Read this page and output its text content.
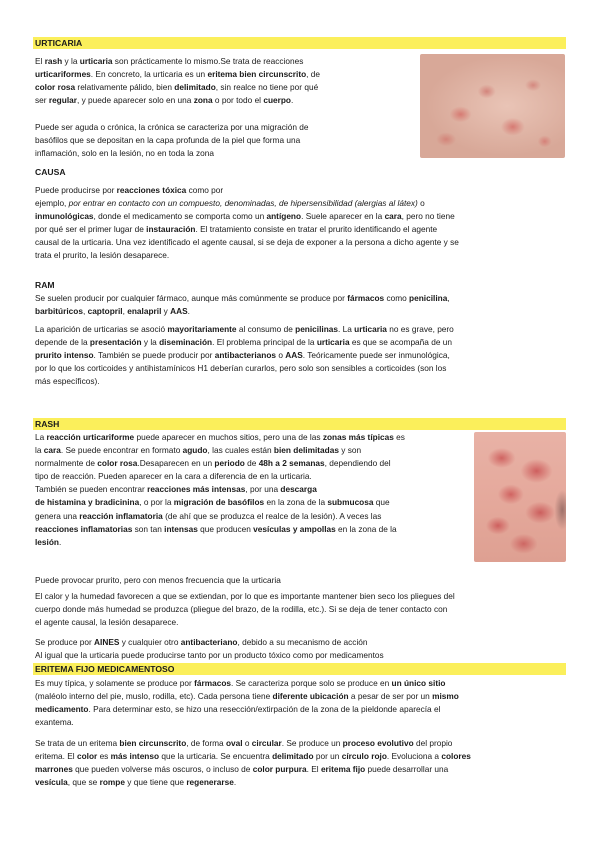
URTICARIA
CAUSA
RAM
RASH
ERITEMA FIJO MEDICAMENTOSO

El rash y la urticaria son prácticamente lo mismo.Se trata de reacciones

urticariformes. En concreto, la urticaria es un eritema bien circunscrito, de

color rosa relativamente pálido, bien delimitado, sin realce no tiene por qué

ser regular, y puede aparecer solo en una zona o por todo el cuerpo.

Puede ser aguda o crónica, la crónica se caracteriza por una migración de

basófilos que se depositan en la capa profunda de la piel que forma una

inflamación, solo en la lesión, no en toda la zona

Puede producirse por reacciones tóxica como por

ejemplo, por entrar en contacto con un compuesto, denominadas, de hipersensibilidad (alergias al látex) o

inmunológicas, donde el medicamento se comporta como un antígeno. Suele aparecer en la cara, pero no tiene

por qué ser el primer lugar de instauración. El tratamiento consiste en tratar el prurito identificando el agente

causal de la urticaria. Una vez identificado el agente causal, si se deja de exponer a la persona a dicho agente y se

trata el prurito, la lesión desaparece.

Se suelen producir por cualquier fármaco, aunque más comúnmente se produce por fármacos como penicilina,

barbitúricos, captopril, enalapril y AAS.

La aparición de urticarias se asoció mayoritariamente al consumo de penicilinas. La urticaria no es grave, pero

depende de la presentación y la diseminación. El problema principal de la urticaria es que se acompaña de un

prurito intenso. También se puede producir por antibacterianos o AAS. Teóricamente puede ser inmunológica,

por lo que los corticoides y antihistamínicos H1 deberían curarlos, pero solo son sensibles a corticoides (son los

más específicos).

La reacción urticariforme puede aparecer en muchos sitios, pero una de las zonas más típicas es

la cara. Se puede encontrar en formato agudo, las cuales están bien delimitadas y son

normalmente de color rosa.Desaparecen en un periodo de 48h a 2 semanas, dependiendo del

tipo de reacción. Pueden aparecer en la cara a diferencia de en la urticaria.

También se pueden encontrar reacciones más intensas, por una descarga

de histamina y bradicinina, o por la migración de basófilos en la zona de la submucosa que

genera una reacción inflamatoria (de ahí que se produzca el realce de la lesión). A veces las

reacciones inflamatorias son tan intensas que producen vesículas y ampollas en la zona de la

lesión.

Puede provocar prurito, pero con menos frecuencia que la urticaria

El calor y la humedad favorecen a que se extiendan, por lo que es importante mantener bien seco los pliegues del

cuerpo donde más humedad se produzca (pliegue del brazo, de la rodilla, etc.). Si se deja de tener contacto con

el agente causal, la lesión desaparece.

Se produce por AINES y cualquier otro antibacteriano, debido a su mecanismo de acción

Al igual que la urticaria puede producirse tanto por un producto tóxico como por medicamentos

Es muy típica, y solamente se produce por fármacos. Se caracteriza porque solo se produce en un único sitio

(maléolo interno del pie, muslo, rodilla, etc). Cada persona tiene diferente ubicación a pesar de ser por un mismo

medicamento. Para determinar esto, se hizo una resección/extirpación de la zona de la pieldonde aparecía el

exantema.

Se trata de un eritema bien circunscrito, de forma oval o circular. Se produce un proceso evolutivo del propio

eritema. El color es más intenso que la urticaria. Se encuentra delimitado por un círculo rojo. Evoluciona a colores

marrones que pueden volverse más oscuros, o incluso de color purpura. El eritema fijo puede desarrollar una

vesícula, que se rompe y que tiene que regenerarse.
